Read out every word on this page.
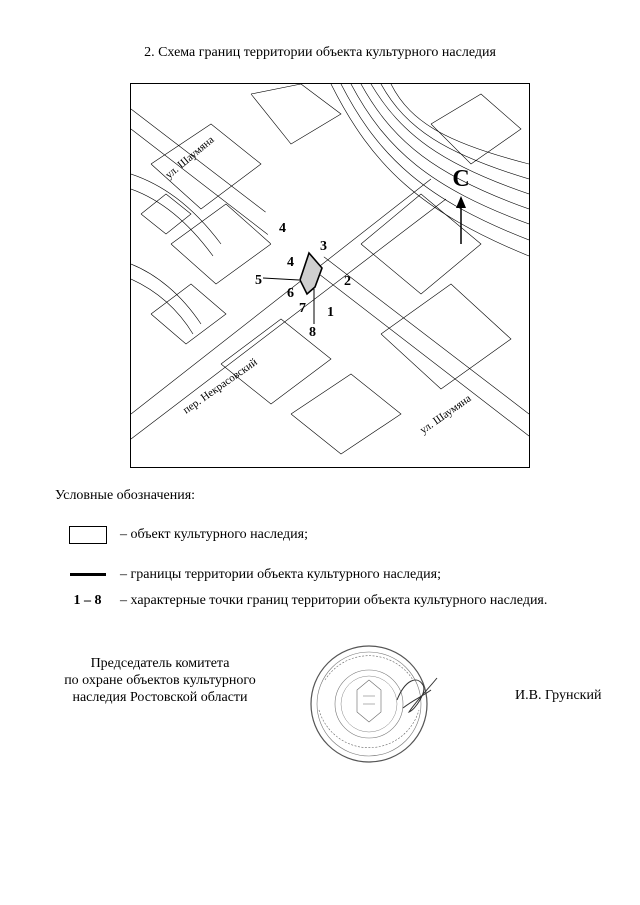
2. Схема границ территории объекта культурного наследия
ул. Шаумяна
пер. Некрасовский	ул. Шаумяна
С
1
2
3
4
4
5
6
7
8
Условные обозначения:
– объект культурного наследия;
– границы территории объекта культурного наследия;
1 – 8	– характерные точки границ территории объекта культурного наследия.
Председатель комитета
по охране объектов культурного
наследия Ростовской области	И.В. Грунский
